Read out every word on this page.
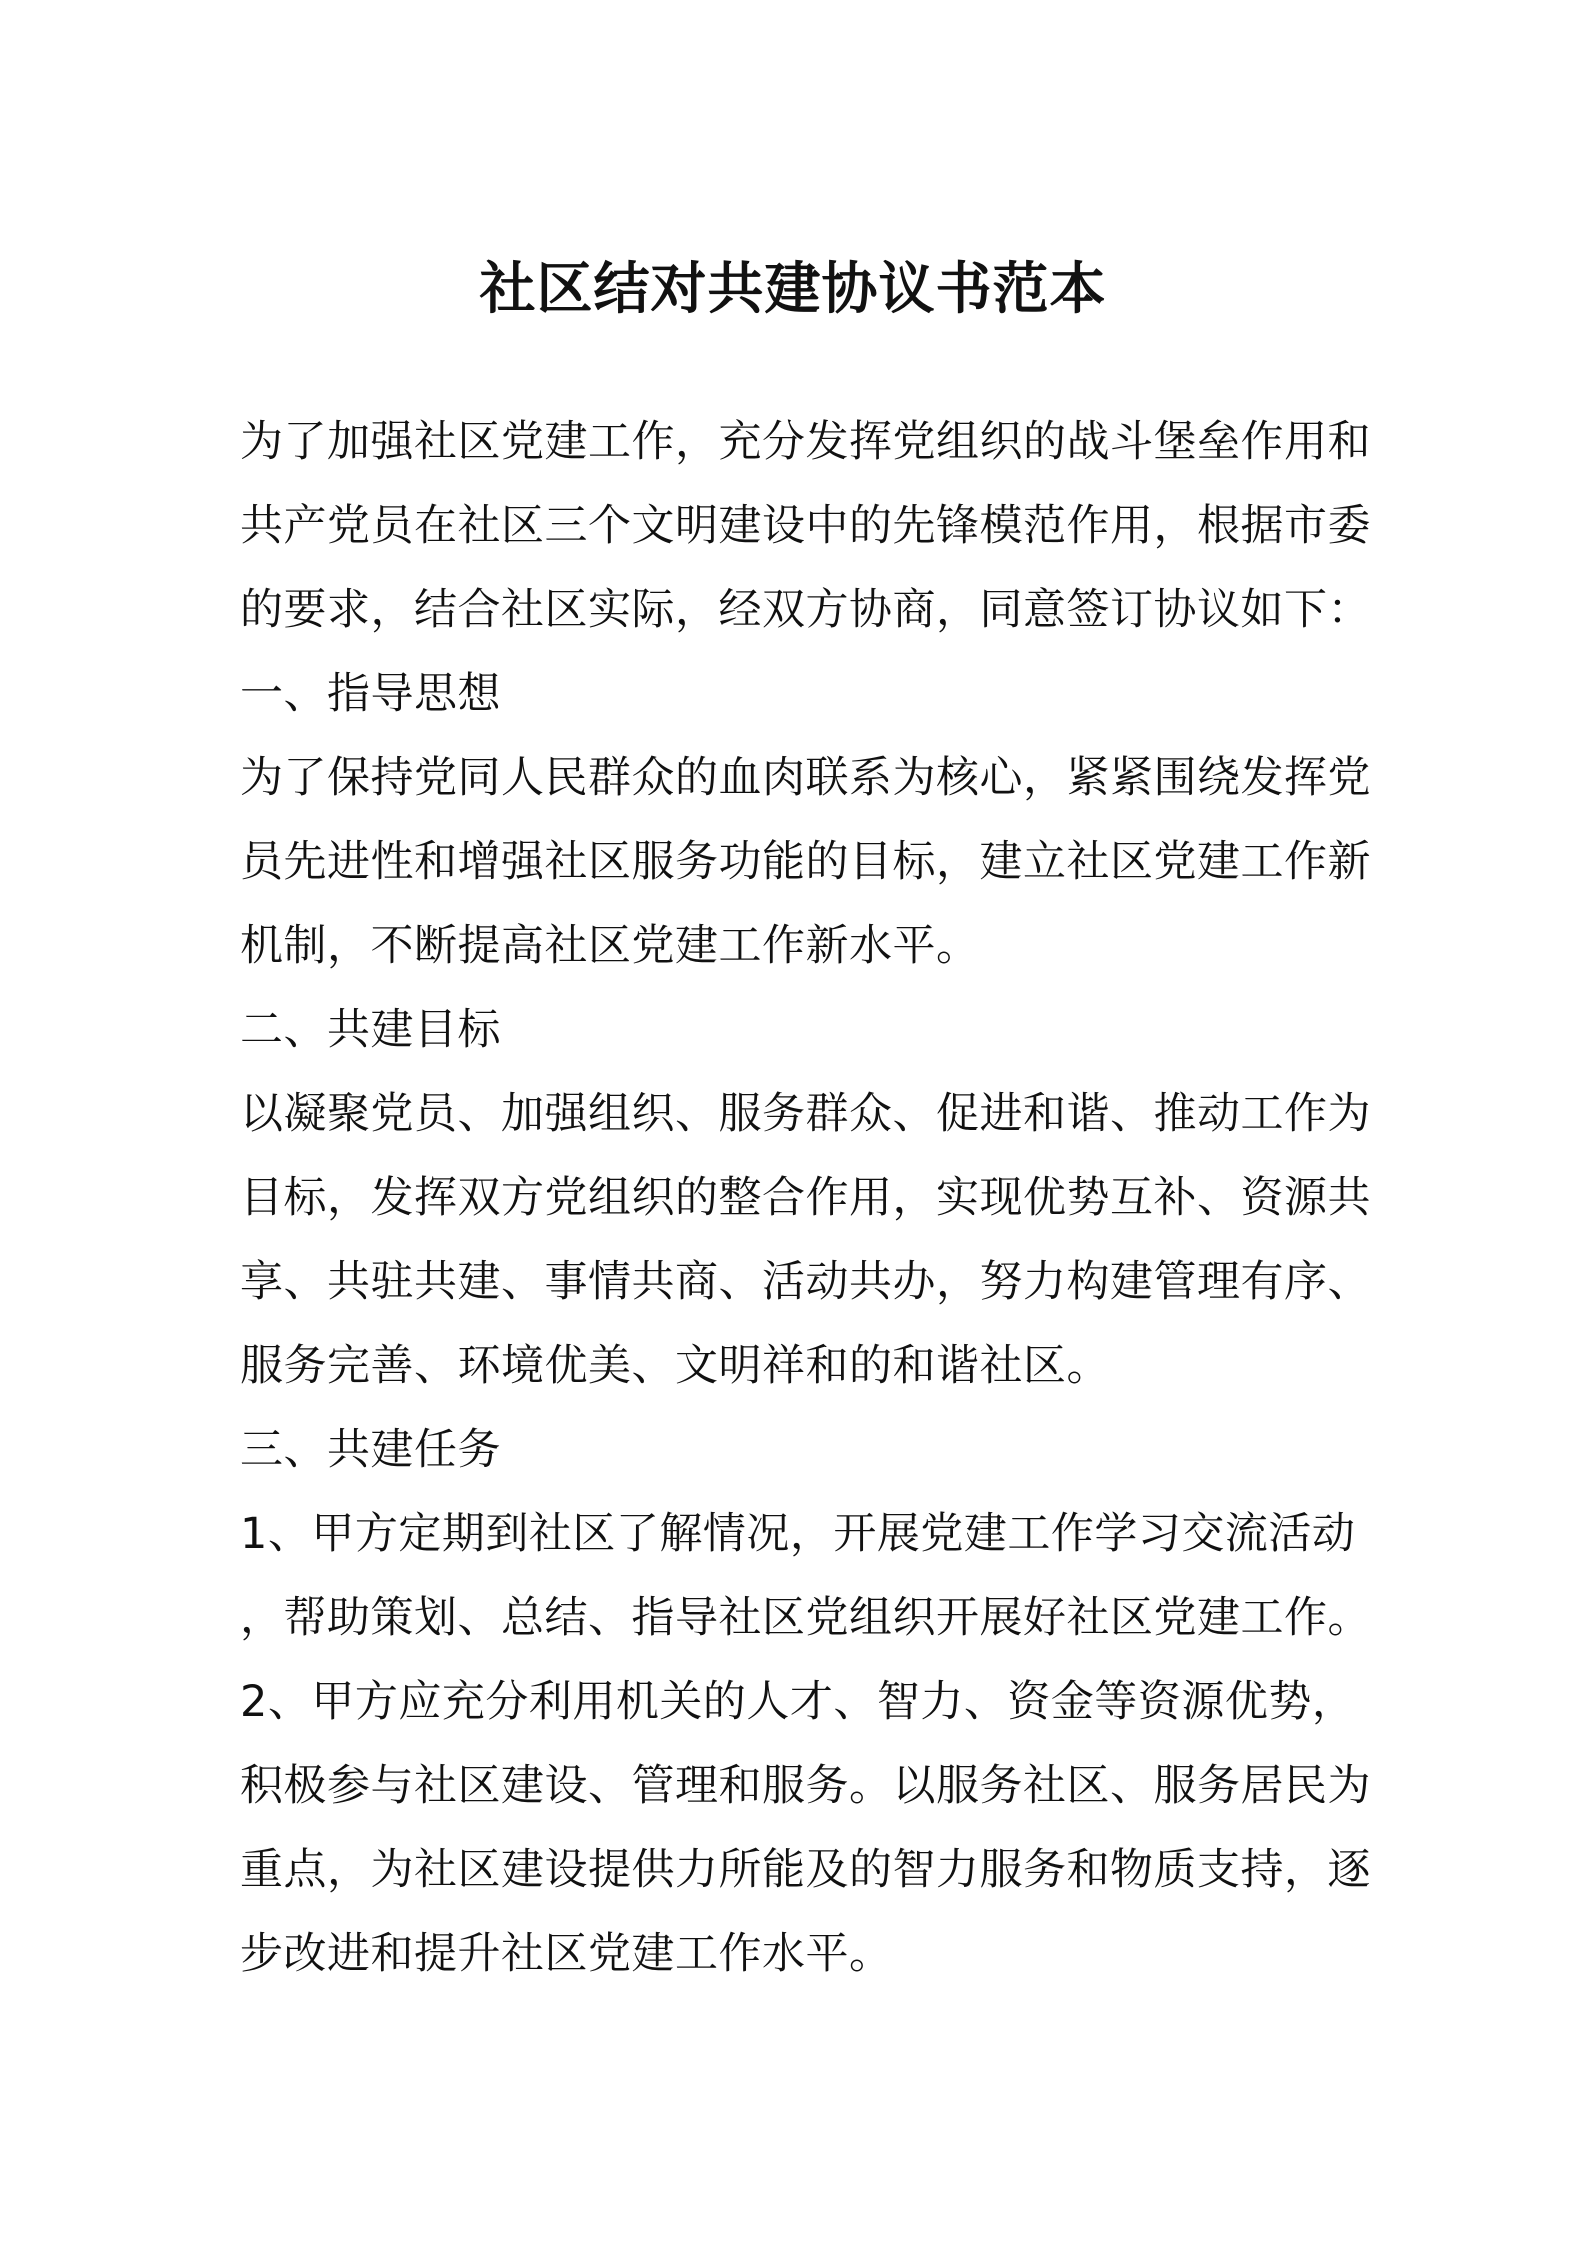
社区结对共建协议书范本
为了加强社区党建工作，充分发挥党组织的战斗堡垒作用和
共产党员在社区三个文明建设中的先锋模范作用，根据市委
的要求，结合社区实际，经双方协商，同意签订协议如下：
一、指导思想
为了保持党同人民群众的血肉联系为核心，紧紧围绕发挥党
员先进性和增强社区服务功能的目标，建立社区党建工作新
机制，不断提高社区党建工作新水平。
二、共建目标
以凝聚党员、加强组织、服务群众、促进和谐、推动工作为
目标，发挥双方党组织的整合作用，实现优势互补、资源共
享、共驻共建、事情共商、活动共办，努力构建管理有序、
服务完善、环境优美、文明祥和的和谐社区。
三、共建任务
1、甲方定期到社区了解情况，开展党建工作学习交流活动
，帮助策划、总结、指导社区党组织开展好社区党建工作。
2、甲方应充分利用机关的人才、智力、资金等资源优势，
积极参与社区建设、管理和服务。以服务社区、服务居民为
重点，为社区建设提供力所能及的智力服务和物质支持，逐
步改进和提升社区党建工作水平。
